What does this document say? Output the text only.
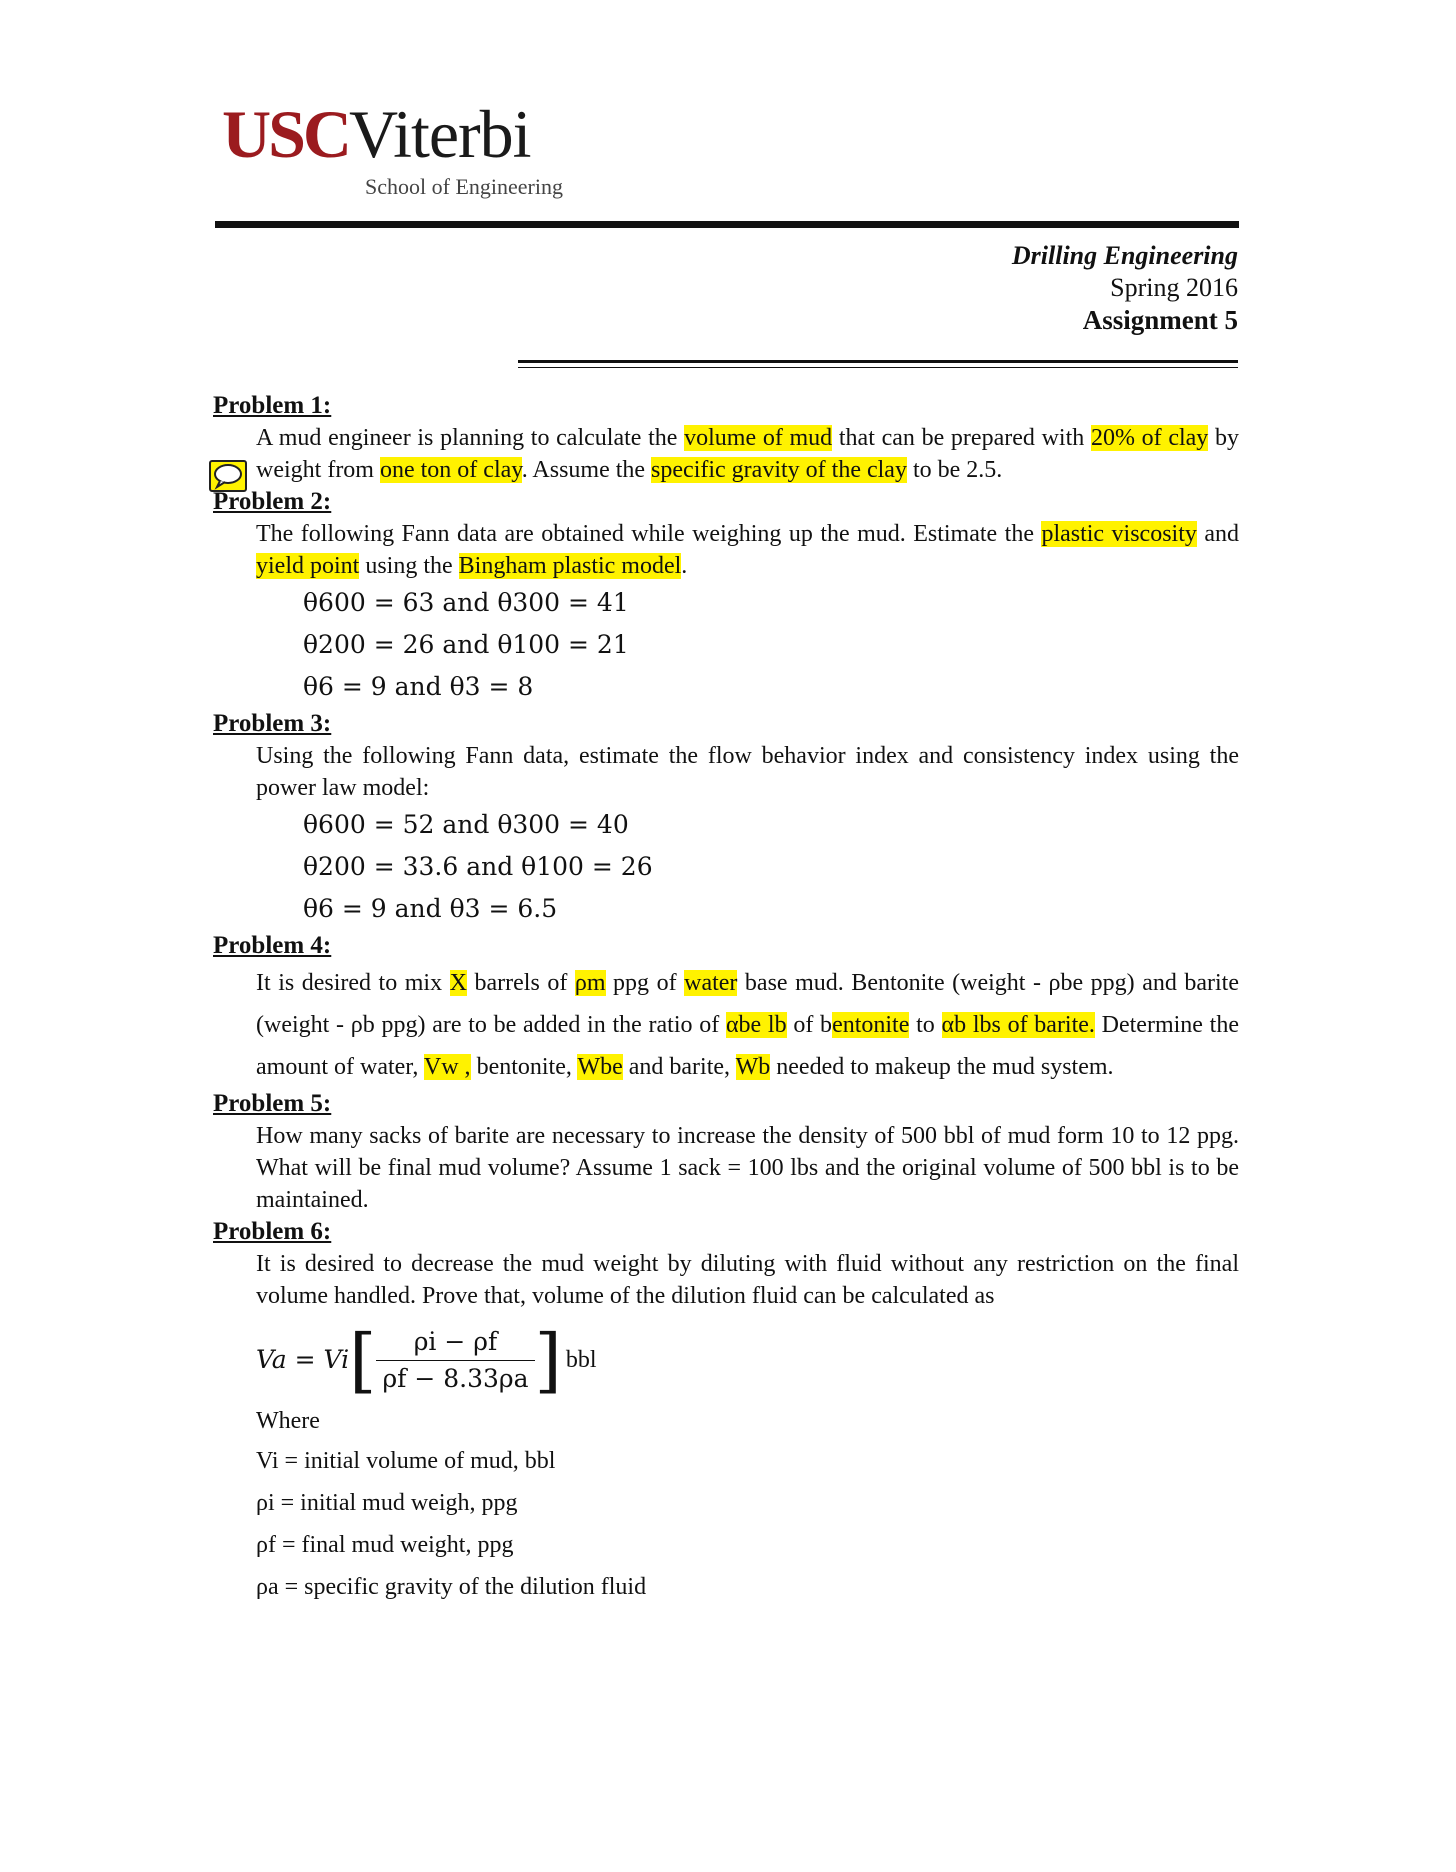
USCViterbi
School of Engineering
Drilling Engineering
Spring 2016
Assignment 5
Problem 1:
A mud engineer is planning to calculate the volume of mud that can be prepared with 20% of clay by weight from one ton of clay. Assume the specific gravity of the clay to be 2.5.
Problem 2:
The following Fann data are obtained while weighing up the mud. Estimate the plastic viscosity and yield point using the Bingham plastic model.
θ600 = 63 and θ300 = 41
θ200 = 26 and θ100 = 21
θ6 = 9 and θ3 = 8
Problem 3:
Using the following Fann data, estimate the flow behavior index and consistency index using the power law model:
θ600 = 52 and θ300 = 40
θ200 = 33.6 and θ100 = 26
θ6 = 9 and θ3 = 6.5
Problem 4:
It is desired to mix X barrels of ρm ppg of water base mud. Bentonite (weight - ρbe ppg) and barite (weight - ρb ppg) are to be added in the ratio of αbe lb of bentonite to αb lbs of barite. Determine the amount of water, Vw , bentonite, Wbe and barite, Wb needed to makeup the mud system.
Problem 5:
How many sacks of barite are necessary to increase the density of 500 bbl of mud form 10 to 12 ppg. What will be final mud volume? Assume 1 sack = 100 lbs and the original volume of 500 bbl is to be maintained.
Problem 6:
It is desired to decrease the mud weight by diluting with fluid without any restriction on the final volume handled. Prove that, volume of the dilution fluid can be calculated as
Va = Vi [ $\frac{\rho i - \rho f}{\rho f - 8.33\rho a}$ ] bbl
Where
Vi = initial volume of mud, bbl
ρi = initial mud weigh, ppg
ρf = final mud weight, ppg
ρa = specific gravity of the dilution fluid
